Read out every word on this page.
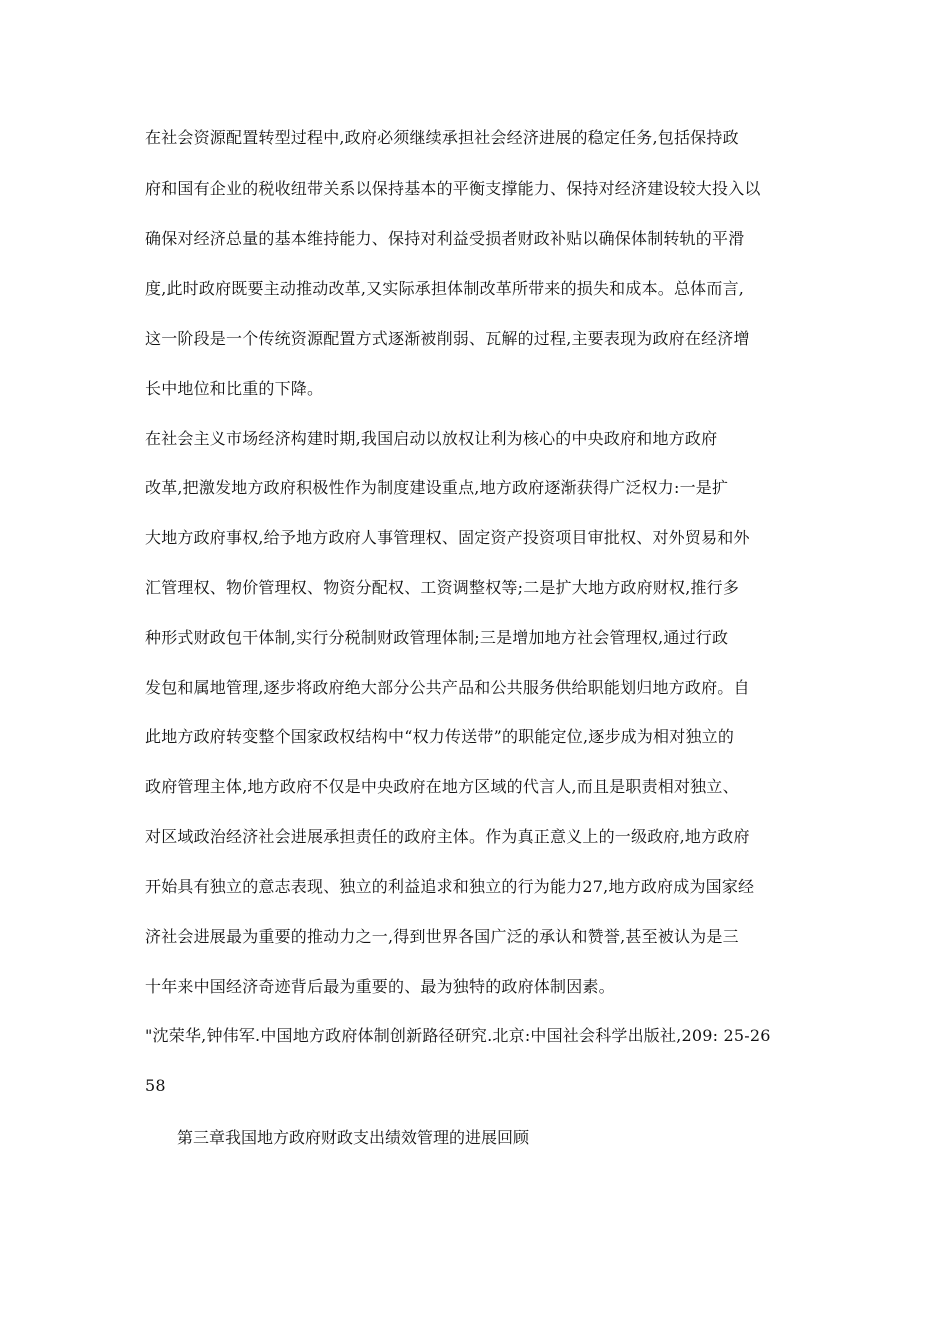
在社会资源配置转型过程中,政府必须继续承担社会经济进展的稳定任务,包括保持政
府和国有企业的税收纽带关系以保持基本的平衡支撑能力、保持对经济建设较大投入以
确保对经济总量的基本维持能力、保持对利益受损者财政补贴以确保体制转轨的平滑
度,此时政府既要主动推动改革,又实际承担体制改革所带来的损失和成本。总体而言,
这一阶段是一个传统资源配置方式逐渐被削弱、瓦解的过程,主要表现为政府在经济增
长中地位和比重的下降。
在社会主义市场经济构建时期,我国启动以放权让利为核心的中央政府和地方政府
改革,把激发地方政府积极性作为制度建设重点,地方政府逐渐获得广泛权力:一是扩
大地方政府事权,给予地方政府人事管理权、固定资产投资项目审批权、对外贸易和外
汇管理权、物价管理权、物资分配权、工资调整权等;二是扩大地方政府财权,推行多
种形式财政包干体制,实行分税制财政管理体制;三是增加地方社会管理权,通过行政
发包和属地管理,逐步将政府绝大部分公共产品和公共服务供给职能划归地方政府。自
此地方政府转变整个国家政权结构中“权力传送带”的职能定位,逐步成为相对独立的
政府管理主体,地方政府不仅是中央政府在地方区域的代言人,而且是职责相对独立、
对区域政治经济社会进展承担责任的政府主体。作为真正意义上的一级政府,地方政府
开始具有独立的意志表现、独立的利益追求和独立的行为能力27,地方政府成为国家经
济社会进展最为重要的推动力之一,得到世界各国广泛的承认和赞誉,甚至被认为是三
十年来中国经济奇迹背后最为重要的、最为独特的政府体制因素。
"沈荣华,钟伟军.中国地方政府体制创新路径研究.北京:中国社会科学出版社,209: 25-26
58
第三章我国地方政府财政支出绩效管理的进展回顾
